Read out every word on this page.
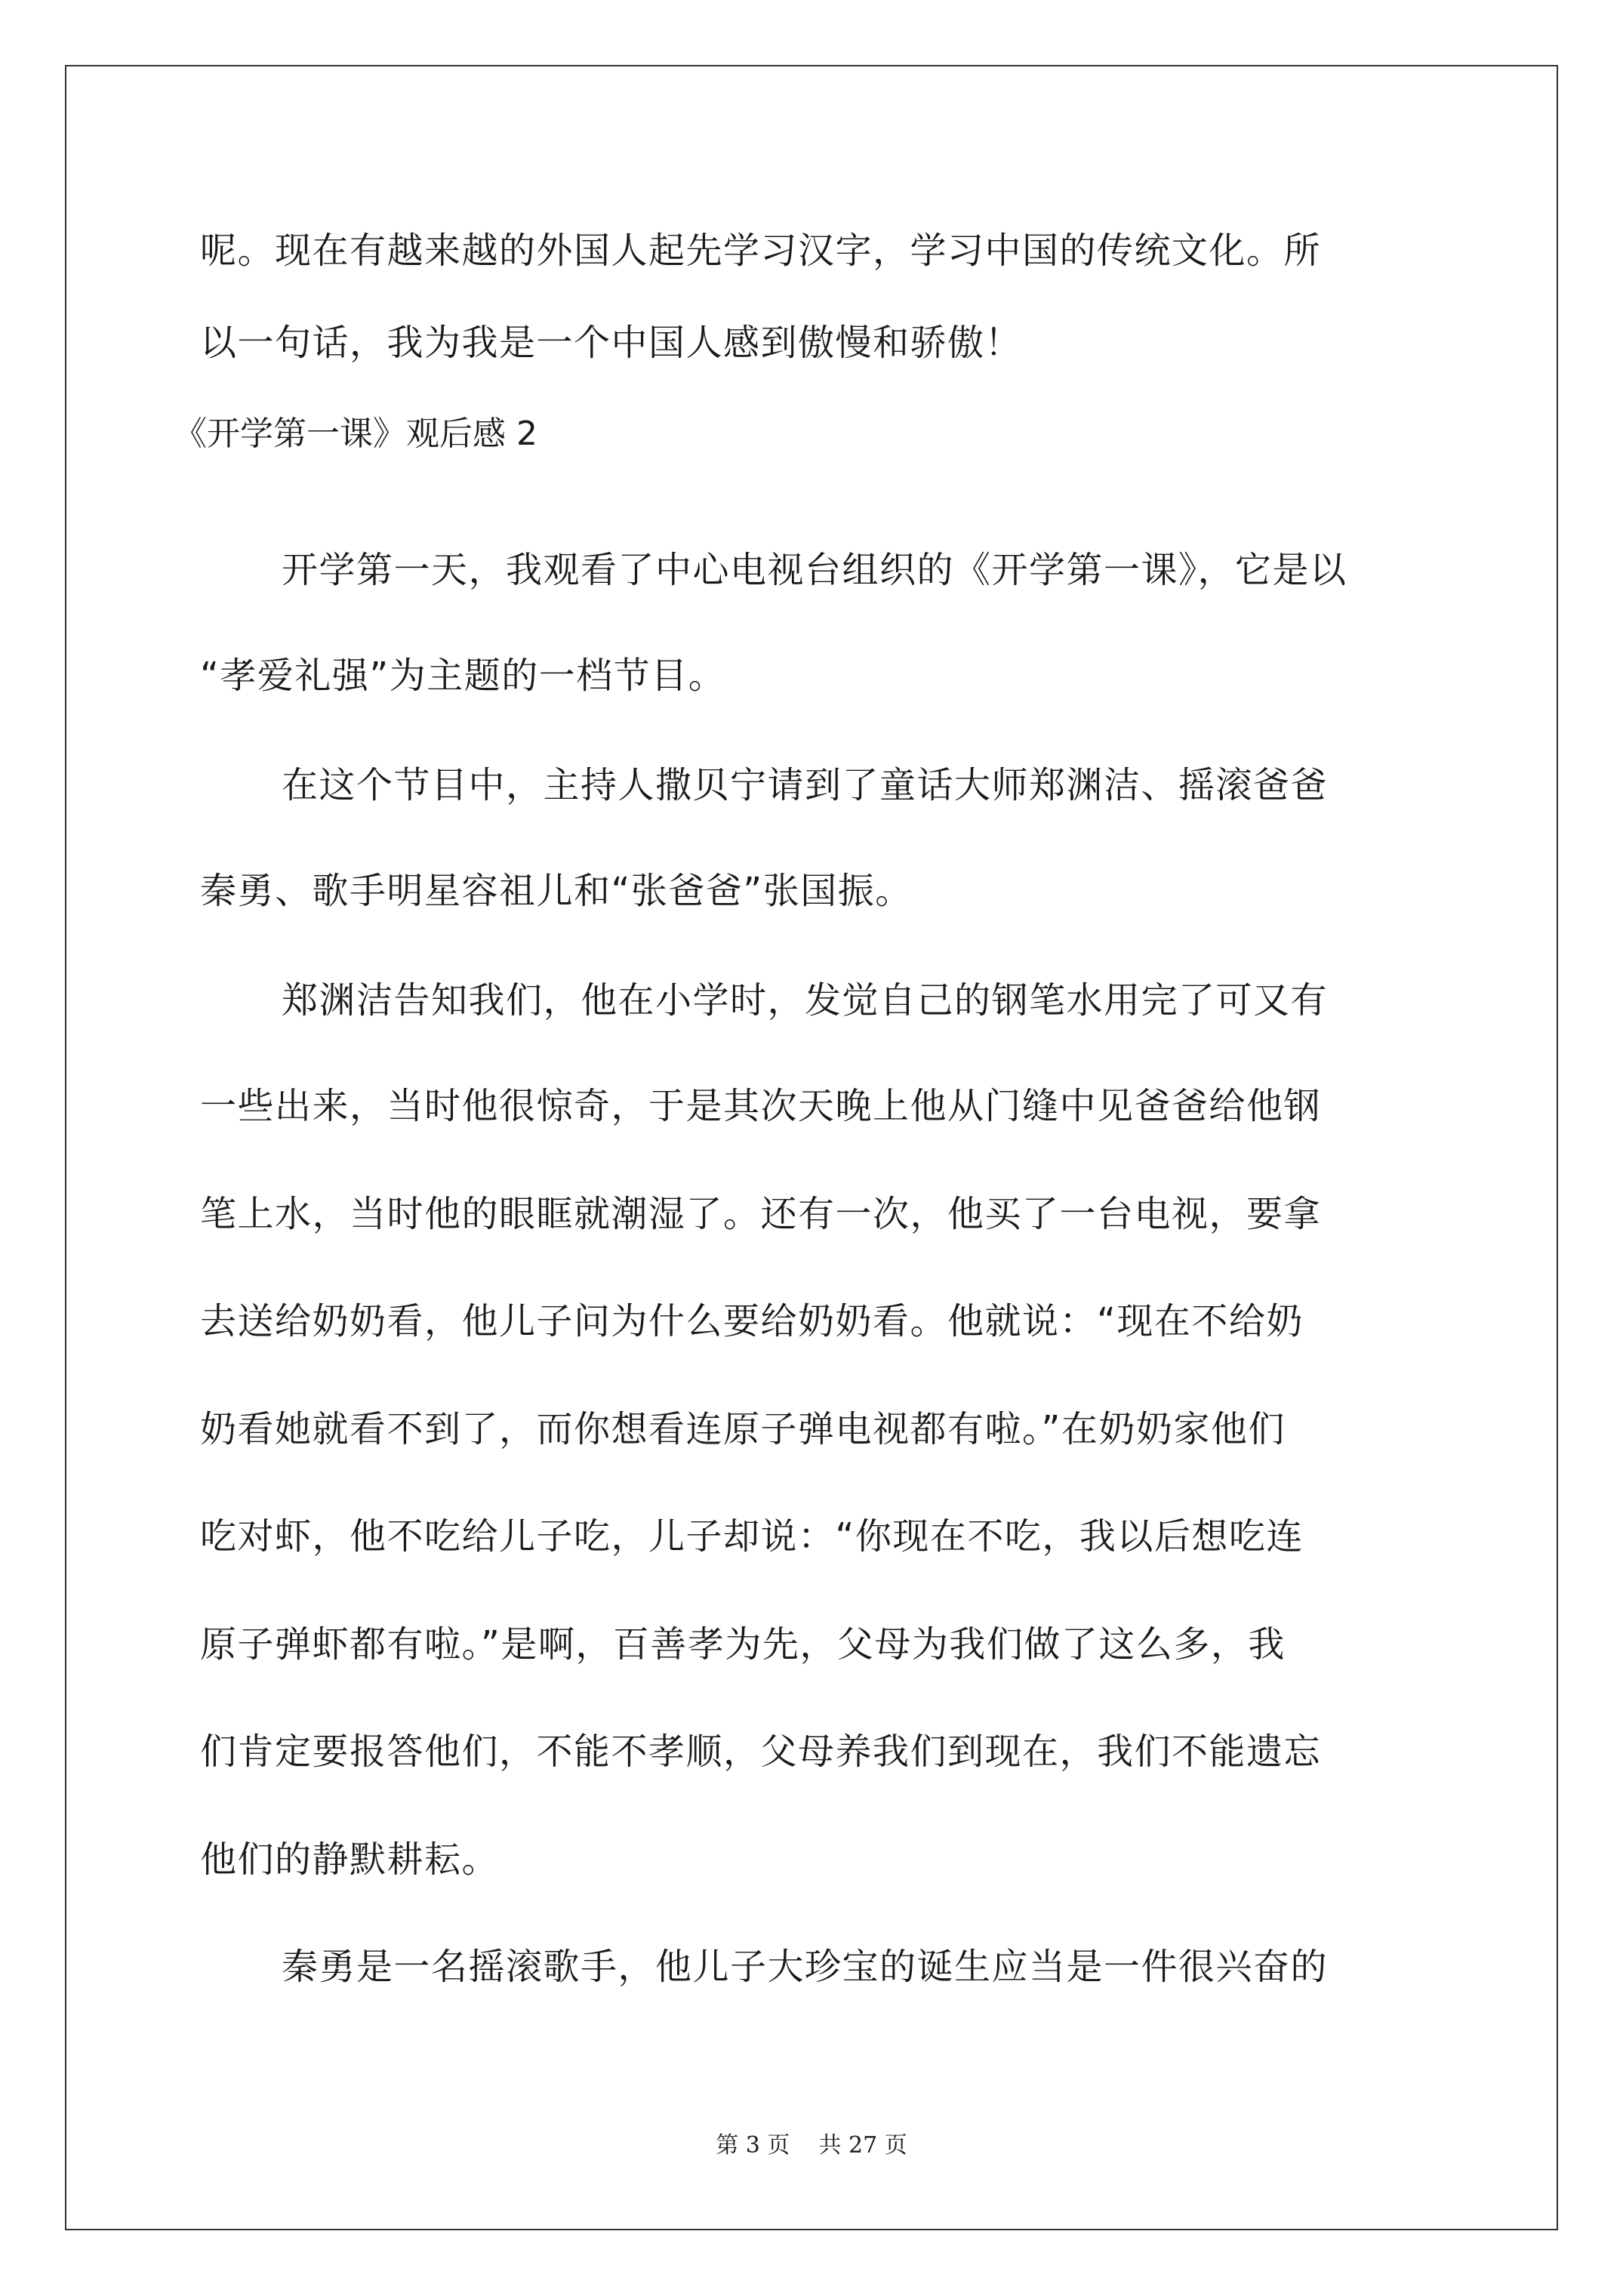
呢。现在有越来越的外国人起先学习汉字，学习中国的传统文化。所
以一句话，我为我是一个中国人感到傲慢和骄傲！
《开学第一课》观后感 2
开学第一天，我观看了中心电视台组织的《开学第一课》，它是以
“孝爱礼强”为主题的一档节目。
在这个节目中，主持人撒贝宁请到了童话大师郑渊洁、摇滚爸爸
秦勇、歌手明星容祖儿和“张爸爸”张国振。
郑渊洁告知我们，他在小学时，发觉自己的钢笔水用完了可又有
一些出来，当时他很惊奇，于是其次天晚上他从门缝中见爸爸给他钢
笔上水，当时他的眼眶就潮湿了。还有一次，他买了一台电视，要拿
去送给奶奶看，他儿子问为什么要给奶奶看。他就说：“现在不给奶
奶看她就看不到了，而你想看连原子弹电视都有啦。”在奶奶家他们
吃对虾，他不吃给儿子吃，儿子却说：“你现在不吃，我以后想吃连
原子弹虾都有啦。”是啊，百善孝为先，父母为我们做了这么多，我
们肯定要报答他们，不能不孝顺，父母养我们到现在，我们不能遗忘
他们的静默耕耘。
秦勇是一名摇滚歌手，他儿子大珍宝的诞生应当是一件很兴奋的
第 3 页    共 27 页
